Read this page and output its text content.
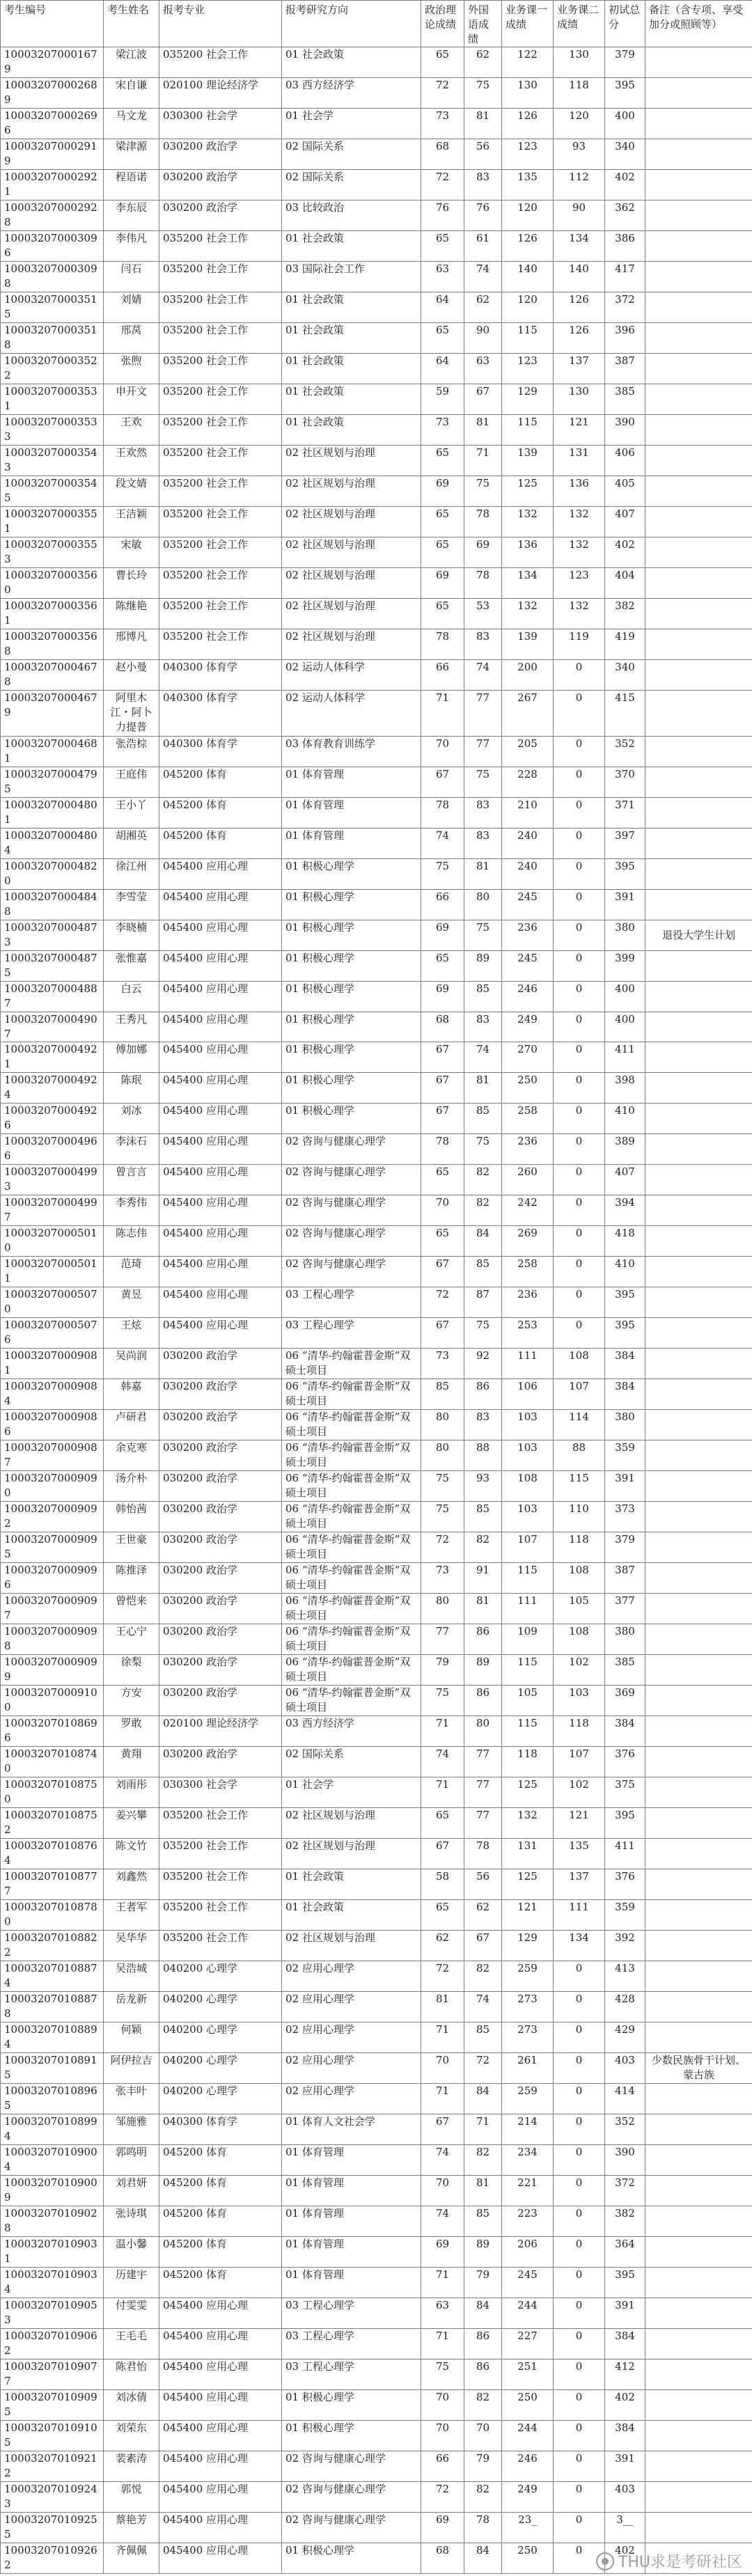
考生编号	考生姓名	报考专业	报考研究方向	政治理论成绩	外国语成绩	业务课一成绩	业务课二成绩	初试总分	备注（含专项、享受加分或照顾等）
100032070001679	梁江波	035200 社会工作	01 社会政策	65	62	122	130	379	
100032070002689	宋自谦	020100 理论经济学	03 西方经济学	72	75	130	118	395	
100032070002696	马文龙	030300 社会学	01 社会学	73	81	126	120	400	
100032070002919	梁津源	030200 政治学	02 国际关系	68	56	123	93	340	
100032070002921	程语诺	030200 政治学	02 国际关系	72	83	135	112	402	
100032070002928	李东辰	030200 政治学	03 比较政治	76	76	120	90	362	
100032070003096	李伟凡	035200 社会工作	01 社会政策	65	61	126	134	386	
100032070003098	闫石	035200 社会工作	03 国际社会工作	63	74	140	140	417	
100032070003515	刘婧	035200 社会工作	01 社会政策	64	62	120	126	372	
100032070003518	邢莴	035200 社会工作	01 社会政策	65	90	115	126	396	
100032070003522	张煦	035200 社会工作	01 社会政策	64	63	123	137	387	
100032070003531	申开文	035200 社会工作	01 社会政策	59	67	129	130	385	
100032070003533	王欢	035200 社会工作	01 社会政策	73	81	115	121	390	
100032070003543	王欢然	035200 社会工作	02 社区规划与治理	65	71	139	131	406	
100032070003545	段文婧	035200 社会工作	02 社区规划与治理	69	75	125	136	405	
100032070003551	王洁颖	035200 社会工作	02 社区规划与治理	65	78	132	132	407	
100032070003553	宋敏	035200 社会工作	02 社区规划与治理	65	69	136	132	402	
100032070003560	曹长玲	035200 社会工作	02 社区规划与治理	69	78	134	123	404	
100032070003561	陈继艳	035200 社会工作	02 社区规划与治理	65	53	132	132	382	
100032070003568	邢博凡	035200 社会工作	02 社区规划与治理	78	83	139	119	419	
100032070004678	赵小曼	040300 体育学	02 运动人体科学	66	74	200	0	340	
100032070004679	阿里木江・阿卜力提普	040300 体育学	02 运动人体科学	71	77	267	0	415	
100032070004681	张浩棕	040300 体育学	03 体育教育训练学	70	77	205	0	352	
100032070004795	王庭伟	045200 体育	01 体育管理	67	75	228	0	370	
100032070004801	王小丫	045200 体育	01 体育管理	78	83	210	0	371	
100032070004804	胡湘英	045200 体育	01 体育管理	74	83	240	0	397	
100032070004820	徐江州	045400 应用心理	01 积极心理学	75	81	240	0	395	
100032070004848	李雪莹	045400 应用心理	01 积极心理学	66	80	245	0	391	
100032070004873	李晓楠	045400 应用心理	01 积极心理学	69	75	236	0	380	退役大学生计划
100032070004875	张惟嘉	045400 应用心理	01 积极心理学	65	89	245	0	399	
100032070004887	白云	045400 应用心理	01 积极心理学	69	85	246	0	400	
100032070004907	王秀凡	045400 应用心理	01 积极心理学	68	83	249	0	400	
100032070004921	傅加娜	045400 应用心理	01 积极心理学	67	74	270	0	411	
100032070004924	陈珉	045400 应用心理	01 积极心理学	67	81	250	0	398	
100032070004926	刘冰	045400 应用心理	01 积极心理学	67	85	258	0	410	
100032070004966	李沫石	045400 应用心理	02 咨询与健康心理学	78	75	236	0	389	
100032070004993	曾言言	045400 应用心理	02 咨询与健康心理学	65	82	260	0	407	
100032070004997	李秀伟	045400 应用心理	02 咨询与健康心理学	70	82	242	0	394	
100032070005010	陈志伟	045400 应用心理	02 咨询与健康心理学	65	84	269	0	418	
100032070005011	范琦	045400 应用心理	02 咨询与健康心理学	67	85	258	0	410	
100032070005070	黄昱	045400 应用心理	03 工程心理学	72	87	236	0	395	
100032070005076	王炫	045400 应用心理	03 工程心理学	67	75	253	0	395	
100032070009081	吴尚润	030200 政治学	06 “清华-约翰霍普金斯”双硕士项目	73	92	111	108	384	
100032070009084	韩嘉	030200 政治学	06 “清华-约翰霍普金斯”双硕士项目	85	86	106	107	384	
100032070009086	卢研君	030200 政治学	06 “清华-约翰霍普金斯”双硕士项目	80	83	103	114	380	
100032070009087	余克寒	030200 政治学	06 “清华-约翰霍普金斯”双硕士项目	80	88	103	88	359	
100032070009090	汤介朴	030200 政治学	06 “清华-约翰霍普金斯”双硕士项目	75	93	108	115	391	
100032070009092	韩怡茜	030200 政治学	06 “清华-约翰霍普金斯”双硕士项目	75	85	103	110	373	
100032070009095	王世豪	030200 政治学	06 “清华-约翰霍普金斯”双硕士项目	72	82	107	118	379	
100032070009096	陈推泽	030200 政治学	06 “清华-约翰霍普金斯”双硕士项目	73	91	115	108	387	
100032070009097	曾恺来	030200 政治学	06 “清华-约翰霍普金斯”双硕士项目	80	81	111	105	377	
100032070009098	王心宁	030200 政治学	06 “清华-约翰霍普金斯”双硕士项目	77	86	109	108	380	
100032070009099	徐梨	030200 政治学	06 “清华-约翰霍普金斯”双硕士项目	79	89	115	102	385	
100032070009100	方安	030200 政治学	06 “清华-约翰霍普金斯”双硕士项目	75	86	105	103	369	
100032070108696	罗敢	020100 理论经济学	03 西方经济学	71	80	115	118	384	
100032070108740	黄翔	030200 政治学	02 国际关系	74	77	118	107	376	
100032070108750	刘雨彤	030300 社会学	01 社会学	71	77	125	102	375	
100032070108752	姜兴攀	035200 社会工作	02 社区规划与治理	65	77	132	121	395	
100032070108764	陈文竹	035200 社会工作	02 社区规划与治理	67	78	131	135	411	
100032070108777	刘鑫然	035200 社会工作	01 社会政策	58	56	125	137	376	
100032070108780	王者军	035200 社会工作	01 社会政策	65	62	121	111	359	
100032070108822	吴华华	035200 社会工作	02 社区规划与治理	62	67	129	134	392	
100032070108874	吴浩城	040200 心理学	02 应用心理学	72	82	259	0	413	
100032070108878	岳龙新	040200 心理学	02 应用心理学	81	74	273	0	428	
100032070108894	何颖	040200 心理学	02 应用心理学	71	85	273	0	429	
100032070108915	阿伊拉吉	040200 心理学	02 应用心理学	70	72	261	0	403	少数民族骨干计划、蒙古族
100032070108965	张丰叶	040200 心理学	02 应用心理学	71	84	259	0	414	
100032070108994	邹施雅	040300 体育学	01 体育人文社会学	67	71	214	0	352	
100032070109004	郭鸣明	045200 体育	01 体育管理	74	82	234	0	390	
100032070109009	刘君妍	045200 体育	01 体育管理	70	81	221	0	372	
100032070109028	张诗琪	045200 体育	01 体育管理	74	85	223	0	382	
100032070109031	温小馨	045200 体育	01 体育管理	69	89	206	0	364	
100032070109034	历建宇	045200 体育	01 体育管理	71	79	245	0	395	
100032070109053	付雯雯	045400 应用心理	03 工程心理学	63	84	244	0	391	
100032070109062	王毛毛	045400 应用心理	03 工程心理学	71	86	227	0	384	
100032070109077	陈君怡	045400 应用心理	03 工程心理学	75	86	251	0	412	
100032070109095	刘冰倩	045400 应用心理	01 积极心理学	70	82	250	0	402	
100032070109105	刘荣东	045400 应用心理	01 积极心理学	70	70	244	0	384	
100032070109212	裴素涛	045400 应用心理	02 咨询与健康心理学	66	79	246	0	391	
100032070109243	郭悦	045400 应用心理	02 咨询与健康心理学	72	82	249	0	403	
100032070109255	蔡艳芳	045400 应用心理	02 咨询与健康心理学	69	78	23_	0	3__	
100032070109262	齐佩佩	045400 应用心理	01 积极心理学	68	84	250	0	402	
THU求是考研社区
